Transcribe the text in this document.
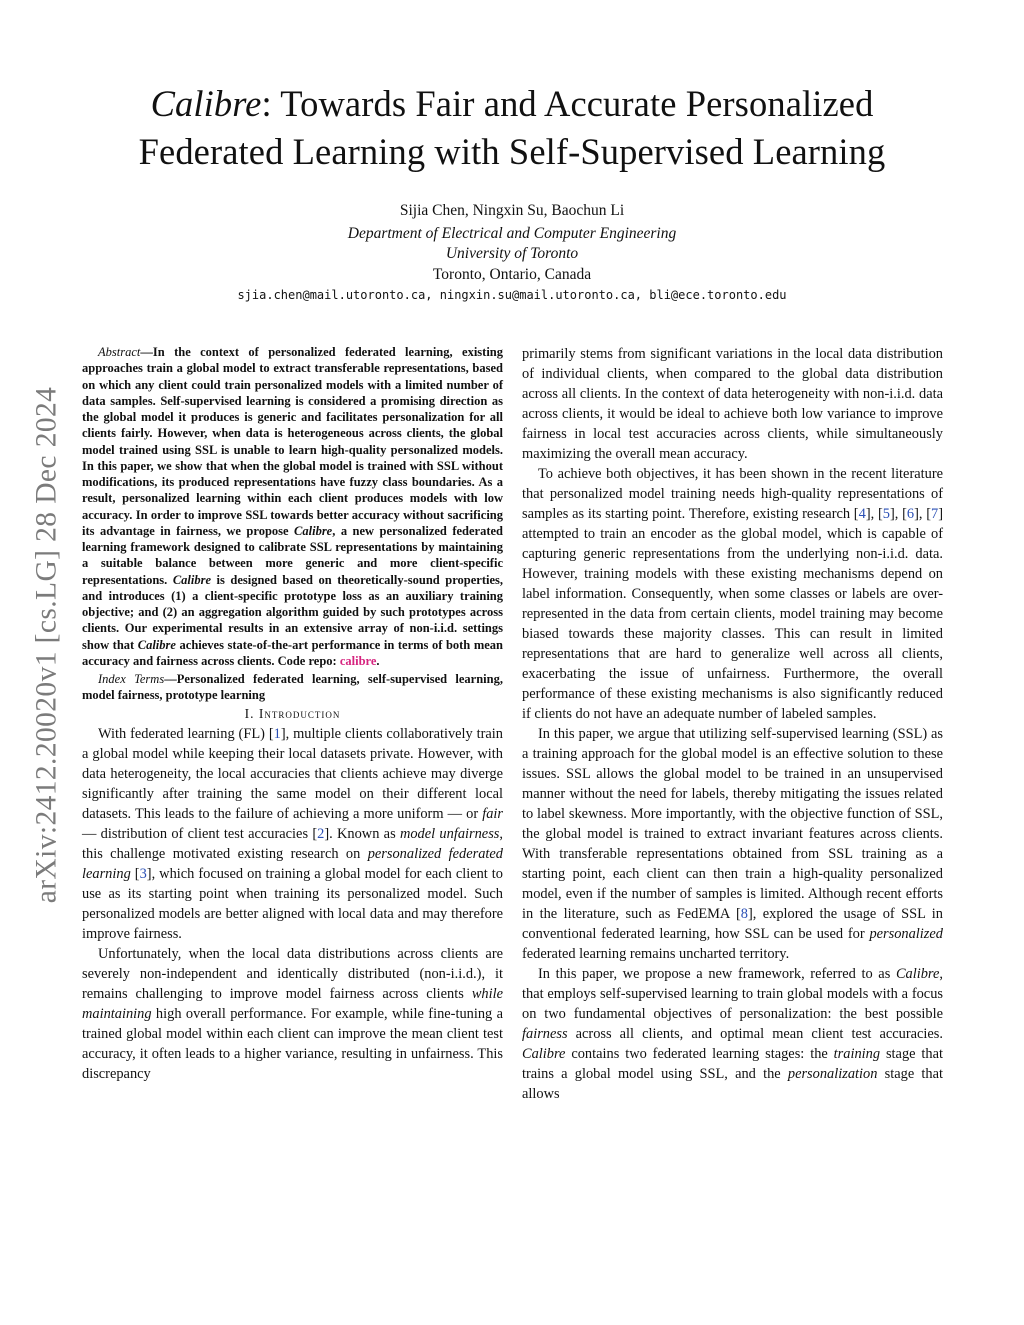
Calibre: Towards Fair and Accurate Personalized
Federated Learning with Self-Supervised Learning
Sijia Chen, Ningxin Su, Baochun Li
Department of Electrical and Computer Engineering
University of Toronto
Toronto, Ontario, Canada
sjia.chen@mail.utoronto.ca, ningxin.su@mail.utoronto.ca, bli@ece.toronto.edu
arXiv:2412.20020v1 [cs.LG] 28 Dec 2024

Abstract—In the context of personalized federated learning, existing approaches train a global model to extract transferable representations, based on which any client could train personalized models with a limited number of data samples. Self-supervised learning is considered a promising direction as the global model it produces is generic and facilitates personalization for all clients fairly. However, when data is heterogeneous across clients, the global model trained using SSL is unable to learn high-quality personalized models. In this paper, we show that when the global model is trained with SSL without modifications, its produced representations have fuzzy class boundaries. As a result, personalized learning within each client produces models with low accuracy. In order to improve SSL towards better accuracy without sacrificing its advantage in fairness, we propose Calibre, a new personalized federated learning framework designed to calibrate SSL representations by maintaining a suitable balance between more generic and more client-specific representations. Calibre is designed based on theoretically-sound properties, and introduces (1) a client-specific prototype loss as an auxiliary training objective; and (2) an aggregation algorithm guided by such prototypes across clients. Our experimental results in an extensive array of non-i.i.d. settings show that Calibre achieves state-of-the-art performance in terms of both mean accuracy and fairness across clients. Code repo: calibre.

Index Terms—Personalized federated learning, self-supervised learning, model fairness, prototype learning

I. Introduction

With federated learning (FL) [1], multiple clients collaboratively train a global model while keeping their local datasets private. However, with data heterogeneity, the local accuracies that clients achieve may diverge significantly after training the same model on their different local datasets. This leads to the failure of achieving a more uniform — or fair — distribution of client test accuracies [2]. Known as model unfairness, this challenge motivated existing research on personalized federated learning [3], which focused on training a global model for each client to use as its starting point when training its personalized model. Such personalized models are better aligned with local data and may therefore improve fairness.

Unfortunately, when the local data distributions across clients are severely non-independent and identically distributed (non-i.i.d.), it remains challenging to improve model fairness across clients while maintaining high overall performance. For example, while fine-tuning a trained global model within each client can improve the mean client test accuracy, it often leads to a higher variance, resulting in unfairness. This discrepancy

primarily stems from significant variations in the local data distribution of individual clients, when compared to the global data distribution across all clients. In the context of data heterogeneity with non-i.i.d. data across clients, it would be ideal to achieve both low variance to improve fairness in local test accuracies across clients, while simultaneously maximizing the overall mean accuracy.

To achieve both objectives, it has been shown in the recent literature that personalized model training needs high-quality representations of samples as its starting point. Therefore, existing research [4], [5], [6], [7] attempted to train an encoder as the global model, which is capable of capturing generic representations from the underlying non-i.i.d. data. However, training models with these existing mechanisms depend on label information. Consequently, when some classes or labels are over-represented in the data from certain clients, model training may become biased towards these majority classes. This can result in limited representations that are hard to generalize well across all clients, exacerbating the issue of unfairness. Furthermore, the overall performance of these existing mechanisms is also significantly reduced if clients do not have an adequate number of labeled samples.

In this paper, we argue that utilizing self-supervised learning (SSL) as a training approach for the global model is an effective solution to these issues. SSL allows the global model to be trained in an unsupervised manner without the need for labels, thereby mitigating the issues related to label skewness. More importantly, with the objective function of SSL, the global model is trained to extract invariant features across clients. With transferable representations obtained from SSL training as a starting point, each client can then train a high-quality personalized model, even if the number of samples is limited. Although recent efforts in the literature, such as FedEMA [8], explored the usage of SSL in conventional federated learning, how SSL can be used for personalized federated learning remains uncharted territory.

In this paper, we propose a new framework, referred to as Calibre, that employs self-supervised learning to train global models with a focus on two fundamental objectives of personalization: the best possible fairness across all clients, and optimal mean client test accuracies. Calibre contains two federated learning stages: the training stage that trains a global model using SSL, and the personalization stage that allows
